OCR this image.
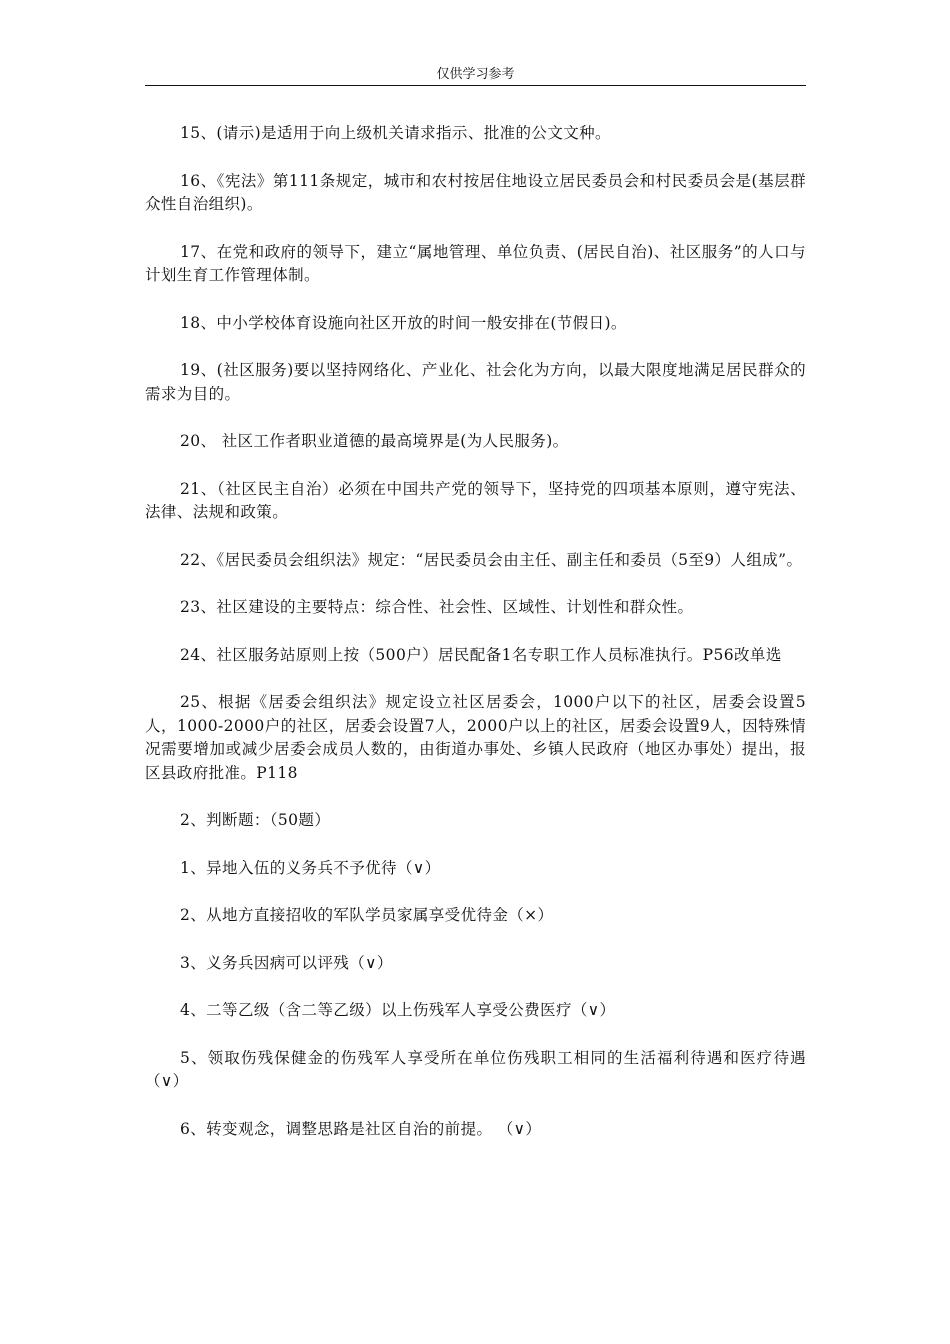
仅供学习参考

15、(请示)是适用于向上级机关请求指示、批准的公文文种。

16、《宪法》第111条规定，城市和农村按居住地设立居民委员会和村民委员会是(基层群众性自治组织)。

17、在党和政府的领导下，建立“属地管理、单位负责、(居民自治)、社区服务”的人口与计划生育工作管理体制。

18、中小学校体育设施向社区开放的时间一般安排在(节假日)。

19、(社区服务)要以坚持网络化、产业化、社会化为方向，以最大限度地满足居民群众的需求为目的。

20、 社区工作者职业道德的最高境界是(为人民服务)。

21、（社区民主自治）必须在中国共产党的领导下，坚持党的四项基本原则，遵守宪法、法律、法规和政策。

22、《居民委员会组织法》规定：“居民委员会由主任、副主任和委员（5至9）人组成”。

23、社区建设的主要特点：综合性、社会性、区域性、计划性和群众性。

24、社区服务站原则上按（500户）居民配备1名专职工作人员标准执行。P56改单选

25、根据《居委会组织法》规定设立社区居委会，1000户以下的社区，居委会设置5人，1000-2000户的社区，居委会设置7人，2000户以上的社区，居委会设置9人，因特殊情况需要增加或减少居委会成员人数的，由街道办事处、乡镇人民政府（地区办事处）提出，报区县政府批准。P118

2、判断题：（50题）

1、异地入伍的义务兵不予优待（∨）

2、从地方直接招收的军队学员家属享受优待金（×）

3、义务兵因病可以评残（∨）

4、二等乙级（含二等乙级）以上伤残军人享受公费医疗（∨）

5、领取伤残保健金的伤残军人享受所在单位伤残职工相同的生活福利待遇和医疗待遇（∨）

6、转变观念，调整思路是社区自治的前提。 （∨）
